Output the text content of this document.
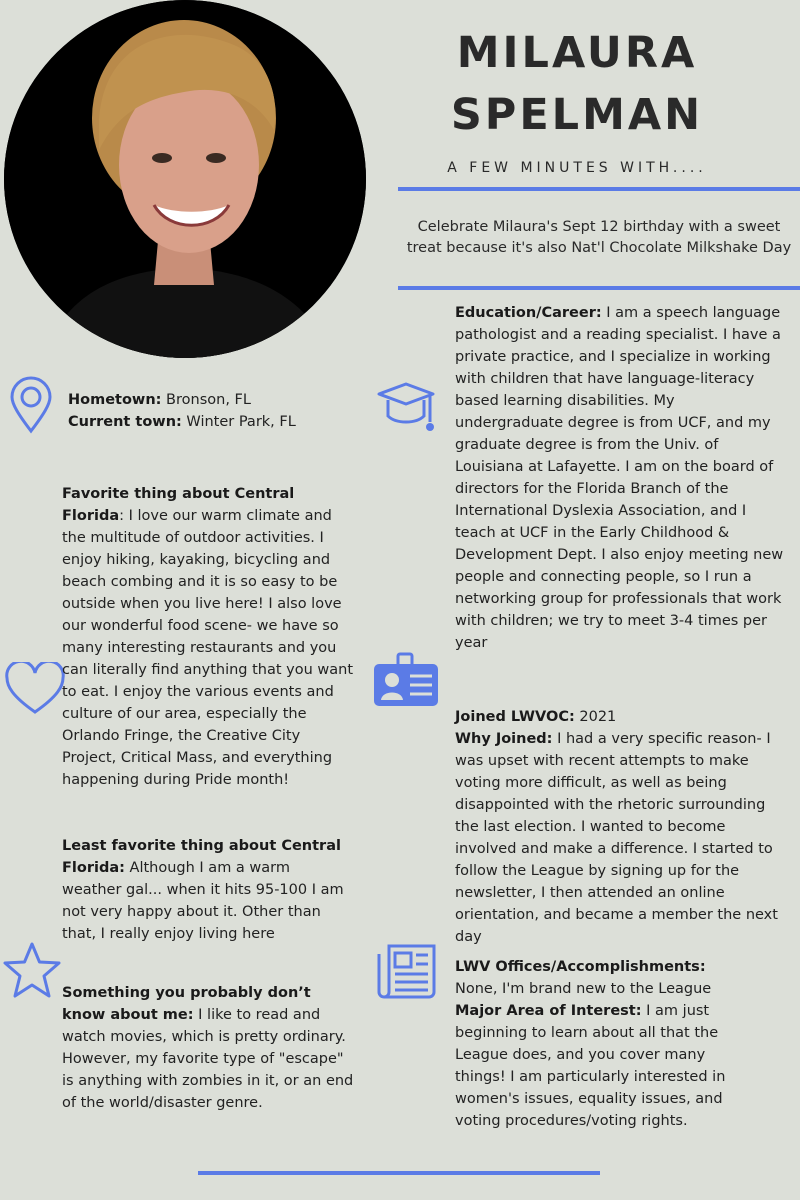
MILAURA
SPELMAN
A FEW MINUTES WITH....
Celebrate Milaura's Sept 12 birthday with a sweet treat because it's also Nat'l Chocolate Milkshake Day

Hometown: Bronson, FL

Current town: Winter Park, FL

Favorite thing about Central Florida: I love our warm climate and the multitude of outdoor activities. I enjoy hiking, kayaking, bicycling and beach combing and it is so easy to be outside when you live here! I also love our wonderful food scene- we have so many interesting restaurants and you can literally find anything that you want to eat. I enjoy the various events and culture of our area, especially the Orlando Fringe, the Creative City Project, Critical Mass, and everything happening during Pride month!

Least favorite thing about Central Florida: Although I am a warm weather gal... when it hits 95-100 I am not very happy about it. Other than that, I really enjoy living here

Something you probably don’t know about me: I like to read and watch movies, which is pretty ordinary. However, my favorite type of "escape" is anything with zombies in it, or an end of the world/disaster genre.

Education/Career: I am a speech language pathologist and a reading specialist. I have a private practice, and I specialize in working with children that have language-literacy based learning disabilities. My undergraduate degree is from UCF, and my graduate degree is from the Univ. of Louisiana at Lafayette. I am on the board of directors for the Florida Branch of the International Dyslexia Association, and I teach at UCF in the Early Childhood & Development Dept. I also enjoy meeting new people and connecting people, so I run a networking group for professionals that work with children; we try to meet 3-4 times per year

Joined LWVOC: 2021

Why Joined: I had a very specific reason- I was upset with recent attempts to make voting more difficult, as well as being disappointed with the rhetoric surrounding the last election. I wanted to become involved and make a difference. I started to follow the League by signing up for the newsletter, I then attended an online orientation, and became a member the next day

LWV Offices/Accomplishments:

None, I'm brand new to the League

Major Area of Interest: I am just beginning to learn about all that the League does, and you cover many things! I am particularly interested in women's issues, equality issues, and voting procedures/voting rights.
